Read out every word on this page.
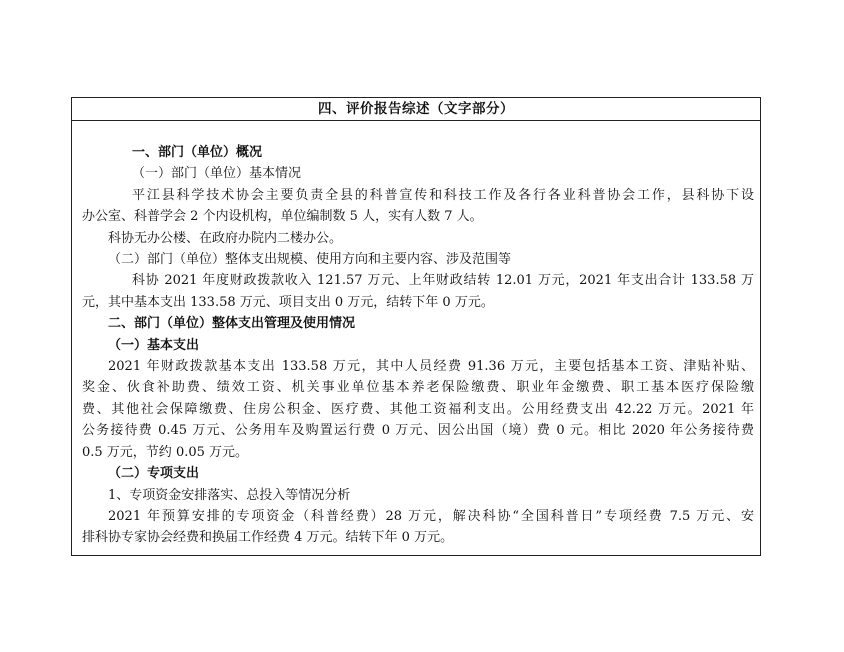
四、评价报告综述（文字部分）
一、部门（单位）概况
（一）部门（单位）基本情况
平江县科学技术协会主要负责全县的科普宣传和科技工作及各行各业科普协会工作，县科协下设
办公室、科普学会 2 个内设机构，单位编制数 5 人，实有人数 7 人。
科协无办公楼、在政府办院内二楼办公。
（二）部门（单位）整体支出规模、使用方向和主要内容、涉及范围等
科协 2021 年度财政拨款收入 121.57 万元、上年财政结转 12.01 万元，2021 年支出合计 133.58 万
元，其中基本支出 133.58 万元、项目支出 0 万元，结转下年 0 万元。
二、部门（单位）整体支出管理及使用情况
（一）基本支出
2021 年财政拨款基本支出 133.58 万元，其中人员经费 91.36 万元，主要包括基本工资、津贴补贴、
奖金、伙食补助费、绩效工资、机关事业单位基本养老保险缴费、职业年金缴费、职工基本医疗保险缴
费、其他社会保障缴费、住房公积金、医疗费、其他工资福利支出。公用经费支出 42.22 万元。2021 年
公务接待费 0.45 万元、公务用车及购置运行费 0 万元、因公出国（境）费 0 元。相比 2020 年公务接待费
0.5 万元，节约 0.05 万元。
（二）专项支出
1、专项资金安排落实、总投入等情况分析
2021 年预算安排的专项资金（科普经费）28 万元，解决科协“全国科普日”专项经费 7.5 万元、安
排科协专家协会经费和换届工作经费 4 万元。结转下年 0 万元。
